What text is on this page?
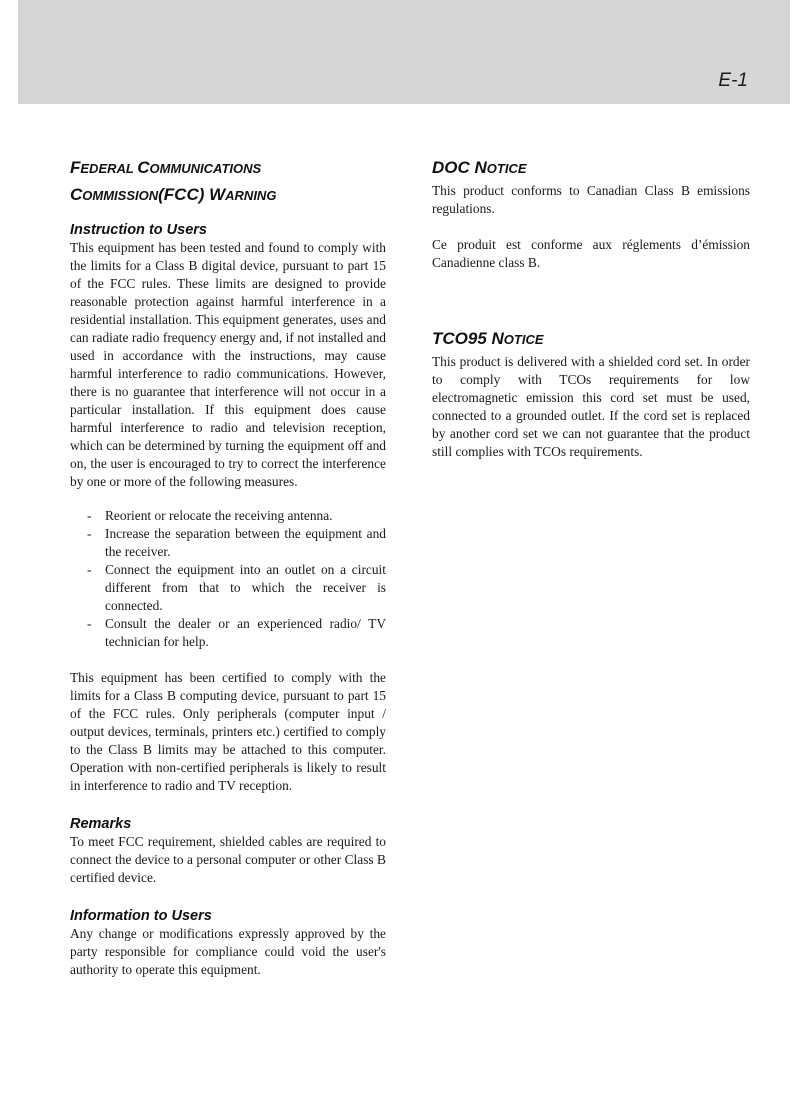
E-1
FEDERAL COMMUNICATIONS
COMMISSION(FCC) WARNING
Instruction to Users

This equipment has been tested and found to comply with the limits for a Class B digital device, pursuant to part 15 of the FCC rules. These limits are designed to provide reasonable protection against harmful interference in a residential installation. This equipment generates, uses and can radiate radio frequency energy and, if not installed and used in accordance with the instructions, may cause harmful interference to radio communications. However, there is no guarantee that interference will not occur in a particular installation. If this equipment does cause harmful interference to radio and television reception, which can be determined by turning the equipment off and on, the user is encouraged to try to correct the interference by one or more of the following measures.

- Reorient or relocate the receiving antenna.
- Increase the separation between the equipment and the receiver.
- Connect the equipment into an outlet on a circuit different from that to which the receiver is connected.
- Consult the dealer or an experienced radio/ TV technician for help.

This equipment has been certified to comply with the limits for a Class B computing device, pursuant to part 15 of the FCC rules. Only peripherals (computer input / output devices, terminals, printers etc.) certified to comply to the Class B limits may be attached to this computer. Operation with non-certified peripherals is likely to result in interference to radio and TV reception.

Remarks

To meet FCC requirement, shielded cables are required to connect the device to a personal computer or other Class B certified device.

Information to Users

Any change or modifications expressly approved by the party responsible for compliance could void the user's authority to operate this equipment.

DOC NOTICE

This product conforms to Canadian Class B emissions regulations.

Ce produit est conforme aux réglements d’émission Canadienne class B.

TCO95 NOTICE

This product is delivered with a shielded cord set. In order to comply with TCOs requirements for low electromagnetic emission this cord set must be used, connected to a grounded outlet. If the cord set is replaced by another cord set we can not guarantee that the product still complies with TCOs requirements.
